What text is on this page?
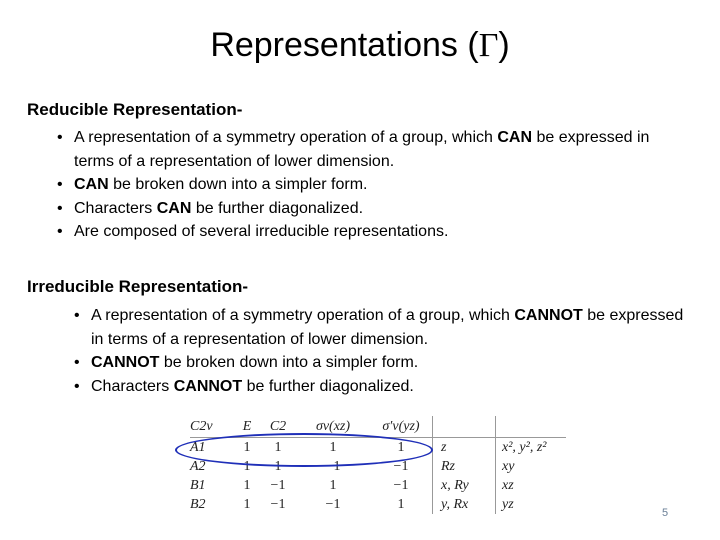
Representations (Γ)
Reducible Representation-
• A representation of a symmetry operation of a group, which CAN be expressed in terms of a representation of lower dimension.
• CAN be broken down into a simpler form.
• Characters CAN be further diagonalized.
• Are composed of several irreducible representations.
Irreducible Representation-
• A representation of a symmetry operation of a group, which CANNOT be expressed in terms of a representation of lower dimension.
• CANNOT be broken down into a simpler form.
• Characters CANNOT be further diagonalized.
C2v	E	C2	σv(xz)	σ′v(yz)		
A1	1	1	1	1	z	x², y², z²
A2	1	1	−1	−1	Rz	xy
B1	1	−1	1	−1	x, Ry	xz
B2	1	−1	−1	1	y, Rx	yz
5
